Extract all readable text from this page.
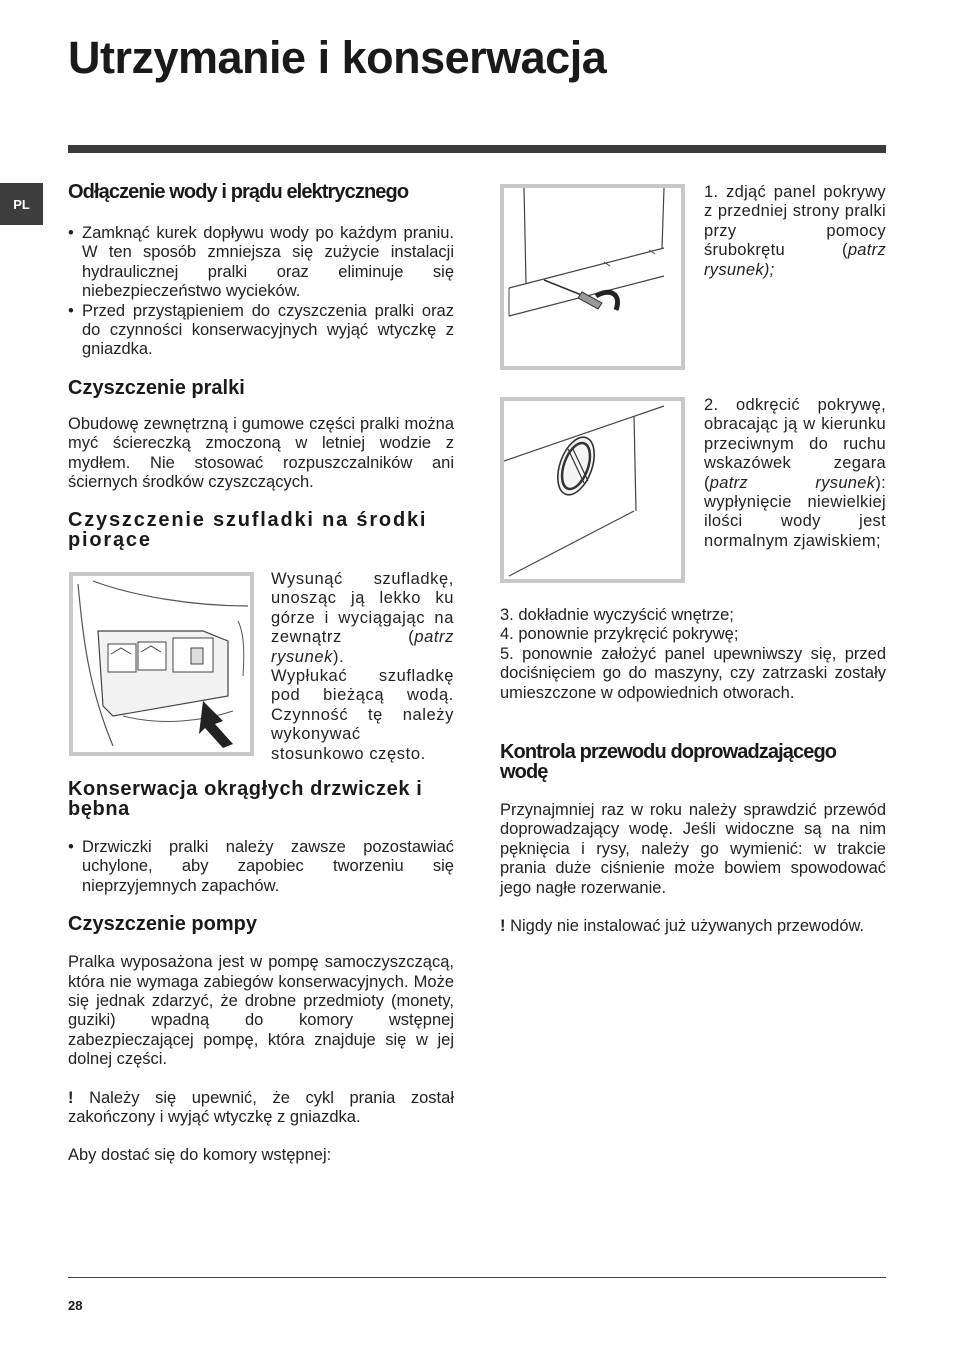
Utrzymanie i konserwacja
PL
Odłączenie wody i prądu elektrycznego
• Zamknąć kurek dopływu wody po każdym praniu. W ten sposób zmniejsza się zużycie instalacji hydraulicznej pralki oraz eliminuje się niebezpieczeństwo wycieków.
• Przed przystąpieniem do czyszczenia pralki oraz do czynności konserwacyjnych wyjąć wtyczkę z gniazdka.
Czyszczenie pralki

Obudowę zewnętrzną i gumowe części pralki można myć ściereczką zmoczoną w letniej wodzie z mydłem. Nie stosować rozpuszczalników ani ściernych środków czyszczących.

Czyszczenie szufladki na środki piorące
Wysunąć szufladkę, unosząc ją lekko ku górze i wyciągając na zewnątrz (patrz rysunek).
Wypłukać szufladkę pod bieżącą wodą. Czynność tę należy wykonywać stosunkowo często.
Konserwacja okrągłych drzwiczek i bębna
• Drzwiczki pralki należy zawsze pozostawiać uchylone, aby zapobiec tworzeniu się nieprzyjemnych zapachów.
Czyszczenie pompy

Pralka wyposażona jest w pompę samoczyszczącą, która nie wymaga zabiegów konserwacyjnych. Może się jednak zdarzyć, że drobne przedmioty (monety, guziki) wpadną do komory wstępnej zabezpieczającej pompę, która znajduje się w jej dolnej części.

! Należy się upewnić, że cykl prania został zakończony i wyjąć wtyczkę z gniazdka.

Aby dostać się do komory wstępnej:

1. zdjąć panel pokrywy z przedniej strony pralki przy pomocy śrubokrętu (patrz rysunek);
2. odkręcić pokrywę, obracając ją w kierunku przeciwnym do ruchu wskazówek zegara (patrz rysunek): wypłynięcie niewielkiej ilości wody jest normalnym zjawiskiem;
3. dokładnie wyczyścić wnętrze;
4. ponownie przykręcić pokrywę;

5. ponownie założyć panel upewniwszy się, przed dociśnięciem go do maszyny, czy zatrzaski zostały umieszczone w odpowiednich otworach.

Kontrola przewodu doprowadzającego wodę

Przynajmniej raz w roku należy sprawdzić przewód doprowadzający wodę. Jeśli widoczne są na nim pęknięcia i rysy, należy go wymienić: w trakcie prania duże ciśnienie może bowiem spowodować jego nagłe rozerwanie.

! Nigdy nie instalować już używanych przewodów.

28
